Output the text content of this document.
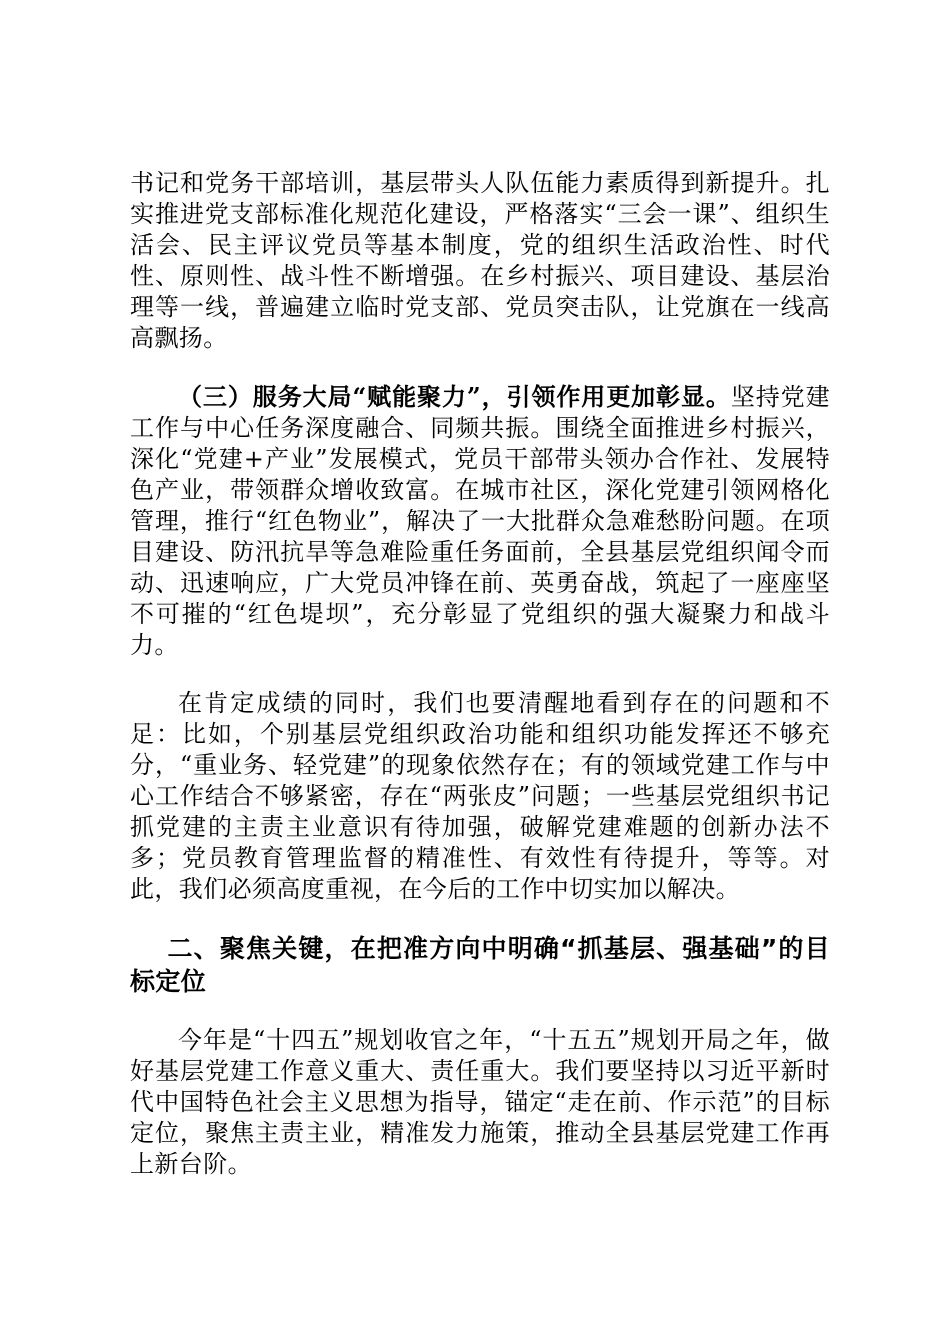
书记和党务干部培训，基层带头人队伍能力素质得到新提升。扎实推进党支部标准化规范化建设，严格落实“三会一课”、组织生活会、民主评议党员等基本制度，党的组织生活政治性、时代性、原则性、战斗性不断增强。在乡村振兴、项目建设、基层治理等一线，普遍建立临时党支部、党员突击队，让党旗在一线高高飘扬。

（三）服务大局“赋能聚力”，引领作用更加彰显。坚持党建工作与中心任务深度融合、同频共振。围绕全面推进乡村振兴，深化“党建+产业”发展模式，党员干部带头领办合作社、发展特色产业，带领群众增收致富。在城市社区，深化党建引领网格化管理，推行“红色物业”，解决了一大批群众急难愁盼问题。在项目建设、防汛抗旱等急难险重任务面前，全县基层党组织闻令而动、迅速响应，广大党员冲锋在前、英勇奋战，筑起了一座座坚不可摧的“红色堤坝”，充分彰显了党组织的强大凝聚力和战斗力。

在肯定成绩的同时，我们也要清醒地看到存在的问题和不足：比如，个别基层党组织政治功能和组织功能发挥还不够充分，“重业务、轻党建”的现象依然存在；有的领域党建工作与中心工作结合不够紧密，存在“两张皮”问题；一些基层党组织书记抓党建的主责主业意识有待加强，破解党建难题的创新办法不多；党员教育管理监督的精准性、有效性有待提升，等等。对此，我们必须高度重视，在今后的工作中切实加以解决。

二、聚焦关键，在把准方向中明确“抓基层、强基础”的目标定位

今年是“十四五”规划收官之年，“十五五”规划开局之年，做好基层党建工作意义重大、责任重大。我们要坚持以习近平新时代中国特色社会主义思想为指导，锚定“走在前、作示范”的目标定位，聚焦主责主业，精准发力施策，推动全县基层党建工作再上新台阶。
